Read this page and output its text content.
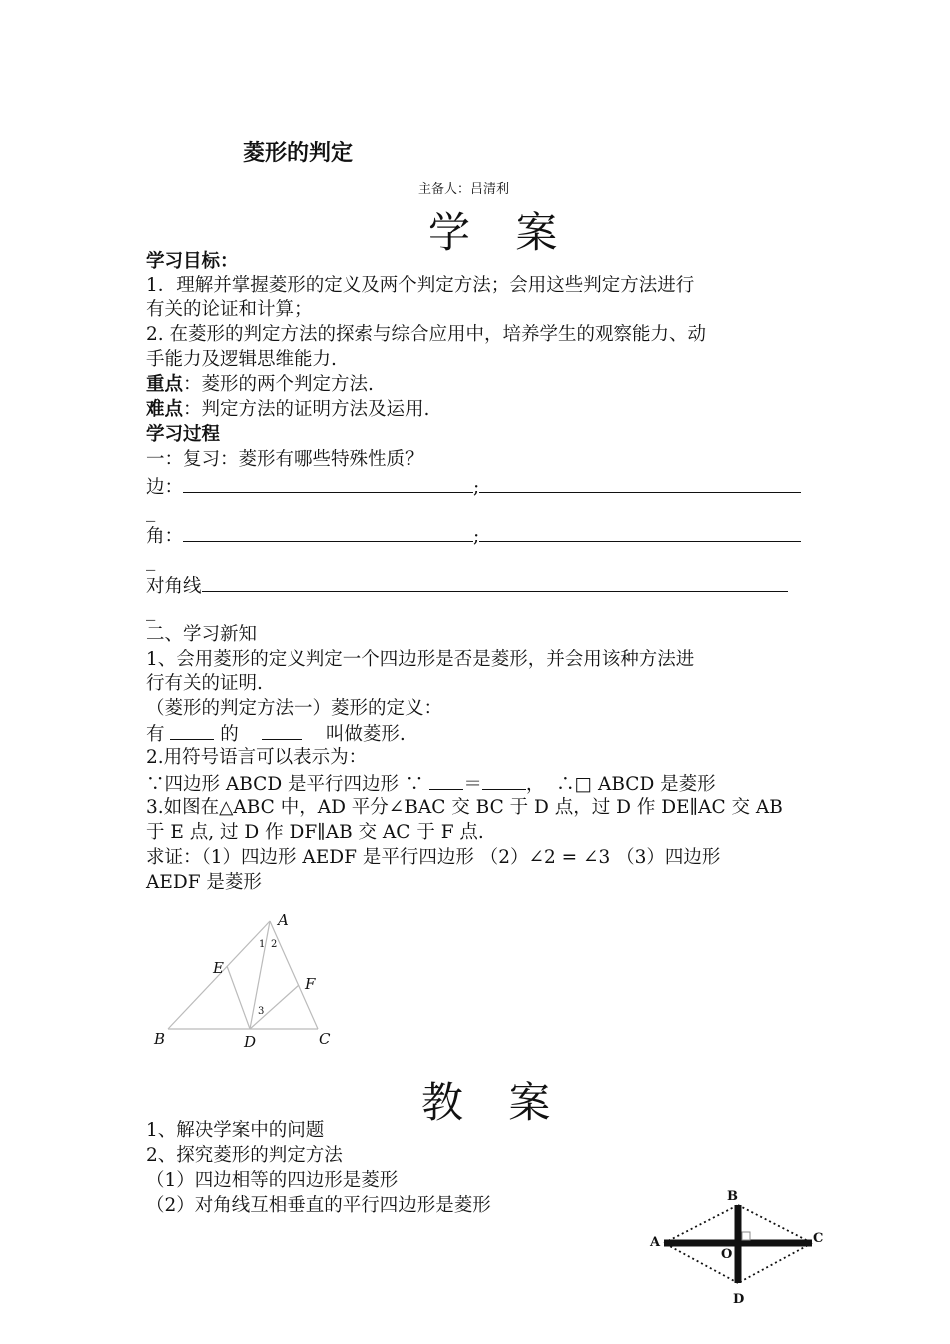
菱形的判定
主备人：吕清利
学 案
学习目标：
1．理解并掌握菱形的定义及两个判定方法；会用这些判定方法进行
有关的论证和计算；
2. 在菱形的判定方法的探索与综合应用中，培养学生的观察能力、动
手能力及逻辑思维能力.
重点：菱形的两个判定方法.
难点：判定方法的证明方法及运用.
学习过程
一：复习：菱形有哪些特殊性质？
边：	;
_
角：	;
_
对角线
_
二、学习新知
1、会用菱形的定义判定一个四边形是否是菱形，并会用该种方法进
行有关的证明.
（菱形的判定方法一）菱形的定义：
有	的	叫做菱形.
2.用符号语言可以表示为：
∵四边形 ABCD 是平行四边形 ∵ ＝ ， ∴□ ABCD 是菱形
3.如图在△ABC 中，AD 平分∠BAC 交 BC 于 D 点，过 D 作 DE∥AC 交 AB
于 E 点, 过 D 作 DF∥AB 交 AC 于 F 点.
求证：（1）四边形 AEDF 是平行四边形 （2）∠2 = ∠3 （3）四边形
AEDF 是菱形
A
B	C
D
E
F
1 2
3
教 案
1、解决学案中的问题
2、探究菱形的判定方法
（1）四边相等的四边形是菱形
（2）对角线互相垂直的平行四边形是菱形
A
B
C
D
O
